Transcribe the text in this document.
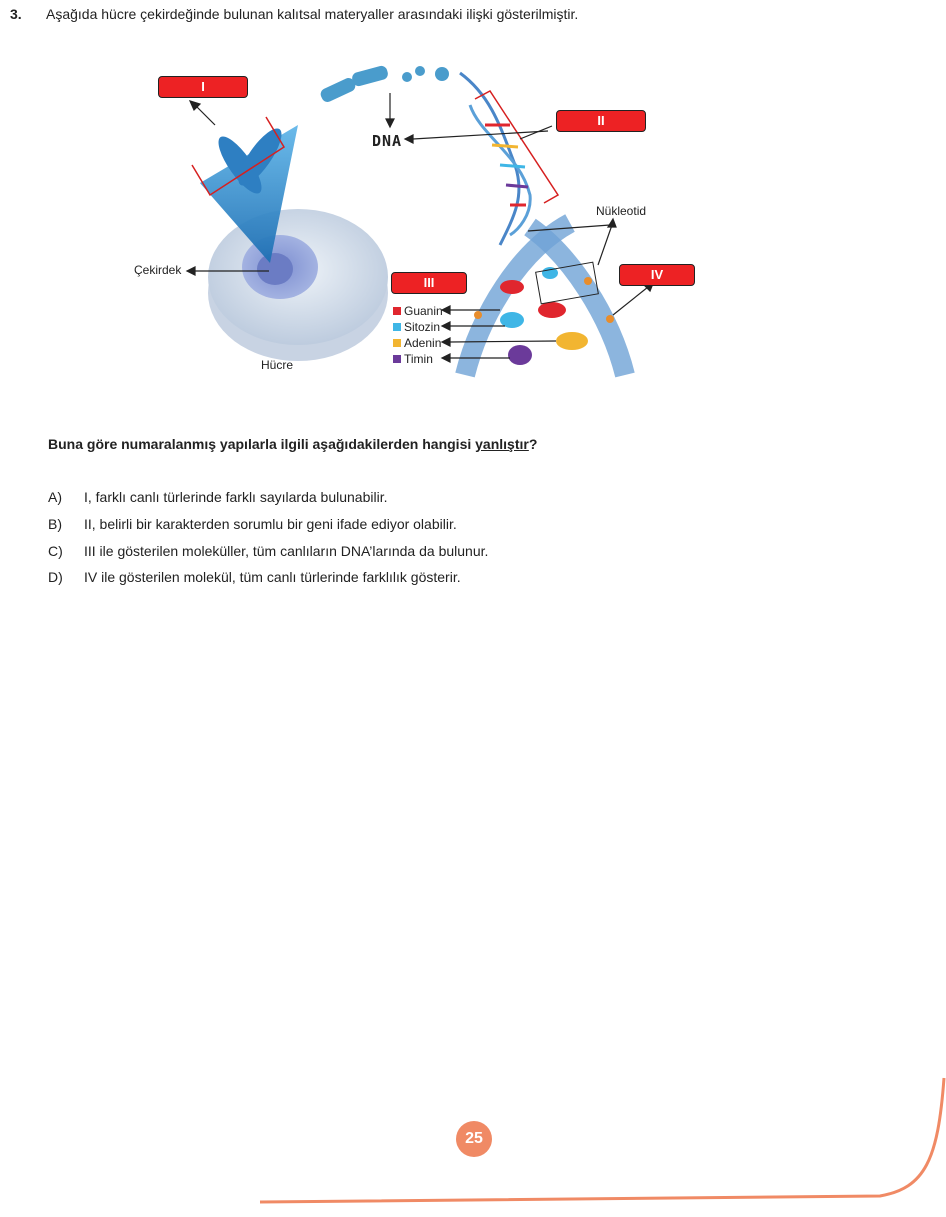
3. Aşağıda hücre çekirdeğinde bulunan kalıtsal materyaller arasındaki ilişki gösterilmiştir.
I
II
III
IV
DNA
Nükleotid
Çekirdek
Hücre
Guanin
Sitozin
Adenin
Timin
Buna göre numaralanmış yapılarla ilgili aşağıdakilerden hangisi yanlıştır?
A)	I, farklı canlı türlerinde farklı sayılarda bulunabilir.
B)	II, belirli bir karakterden sorumlu bir geni ifade ediyor olabilir.
C)	III ile gösterilen moleküller, tüm canlıların DNA’larında da bulunur.
D)	IV ile gösterilen molekül, tüm canlı türlerinde farklılık gösterir.
25
